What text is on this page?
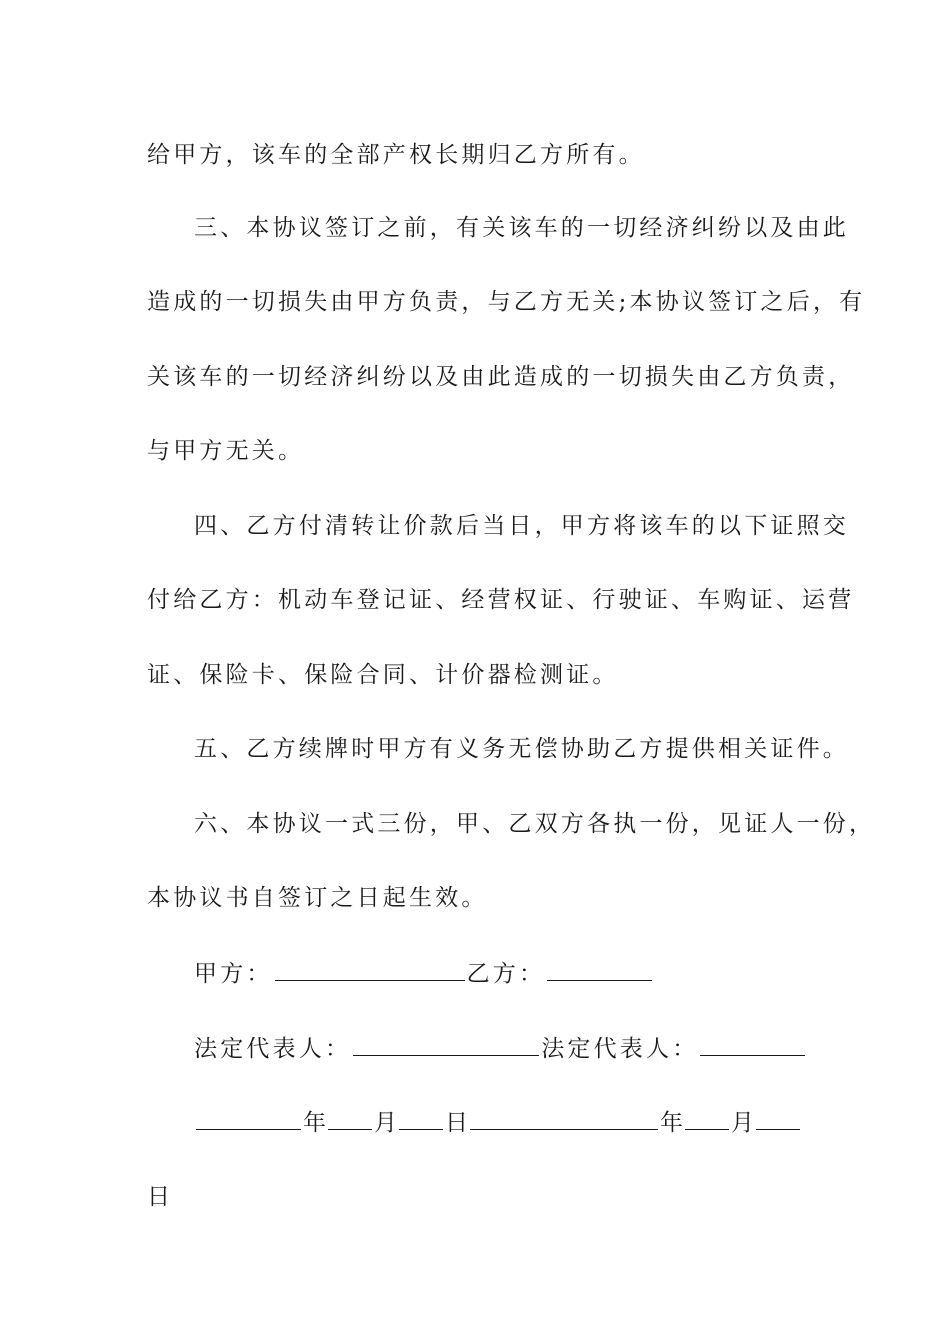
给甲方，该车的全部产权长期归乙方所有。
三、本协议签订之前，有关该车的一切经济纠纷以及由此
造成的一切损失由甲方负责，与乙方无关;本协议签订之后，有
关该车的一切经济纠纷以及由此造成的一切损失由乙方负责，
与甲方无关。
四、乙方付清转让价款后当日，甲方将该车的以下证照交
付给乙方：机动车登记证、经营权证、行驶证、车购证、运营
证、保险卡、保险合同、计价器检测证。
五、乙方续牌时甲方有义务无偿协助乙方提供相关证件。
六、本协议一式三份，甲、乙双方各执一份，见证人一份，
本协议书自签订之日起生效。
甲方：	乙方：
法定代表人：	法定代表人：
年 月 日	年 月
日
